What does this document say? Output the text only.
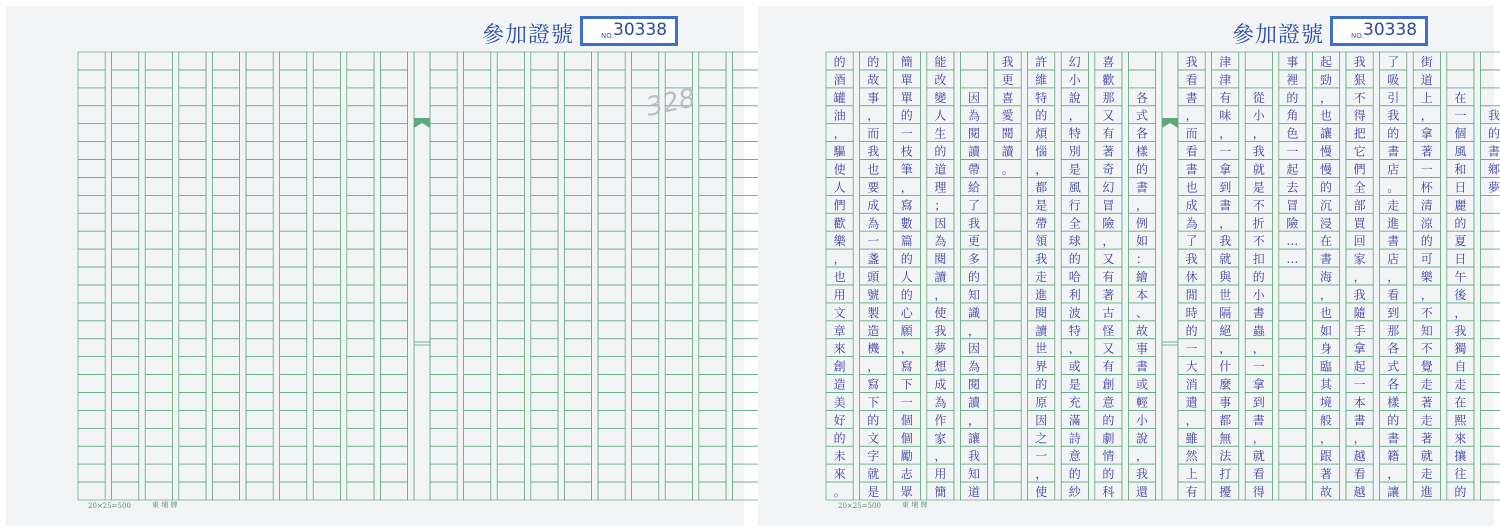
參加證號	NO. 30338
328
20×25=500	東 埔 牌
我
的
書
鄉
夢
在
一
個
風
和
日
麗
的
夏
日
午
後
，
我
獨
自
走
在
熙
來
攘
往
的
街
道
上
，
拿
著
一
杯
清
涼
的
可
樂
，
不
知
不
覺
走
著
走
著
就
走
進
了
吸
引
我
的
書
店
。
走
進
書
店
，
看
到
那
各
式
各
樣
的
書
籍
，
讓
我
狠
不
得
把
它
們
全
部
買
回
家
，
我
隨
手
拿
起
一
本
書
，
越
看
越
起
勁
，
也
讓
慢
慢
的
沉
浸
在
書
海
，
也
如
身
臨
其
境
般
，
跟
著
故
事
裡
的
角
色
一
起
去
冒
險
…
…
從
小
，
我
就
是
不
折
不
扣
的
小
書
蟲
，
一
拿
到
書
，
就
看
得
津
津
有
味
，
一
拿
到
書
，
我
就
與
世
隔
絕
，
什
麼
事
都
無
法
打
擾
我
看
書
，
而
看
書
也
成
為
了
我
休
閒
時
的
一
大
消
遣
，
雖
然
上
有
各
式
各
樣
的
書
，
例
如
：
繪
本
、
故
事
書
或
輕
小
說
，
我
還
喜
歡
那
又
有
著
奇
幻
冒
險
，
又
有
著
古
怪
又
有
創
意
的
劇
情
的
科
幻
小
說
，
特
別
是
風
行
全
球
的
哈
利
波
特
，
或
是
充
滿
詩
意
的
紗
許
維
特
的
煩
惱
，
都
是
帶
領
我
走
進
閱
讀
世
界
的
原
因
之
一
，
使
我
更
喜
愛
閱
讀
。
因
為
閱
讀
帶
給
了
我
更
多
的
知
識
，
因
為
閱
讀
，
讓
我
知
道
能
改
變
人
生
的
道
理
；
因
為
閱
讀
，
使
我
夢
想
成
為
作
家
，
用
簡
簡
單
單
的
一
枝
筆
，
寫
數
篇
的
人
的
心
願
，
寫
下
一
個
個
勵
志
眾
的
故
事
，
而
我
也
要
成
為
一
盞
頭
號
製
造
機
，
寫
下
的
文
字
就
是
的
酒
罐
油
，
驅
使
人
們
歡
樂
，
也
用
文
章
來
創
造
美
好
的
未
來
。
參加證號	NO. 30338
20×25=500	東 埔 牌
